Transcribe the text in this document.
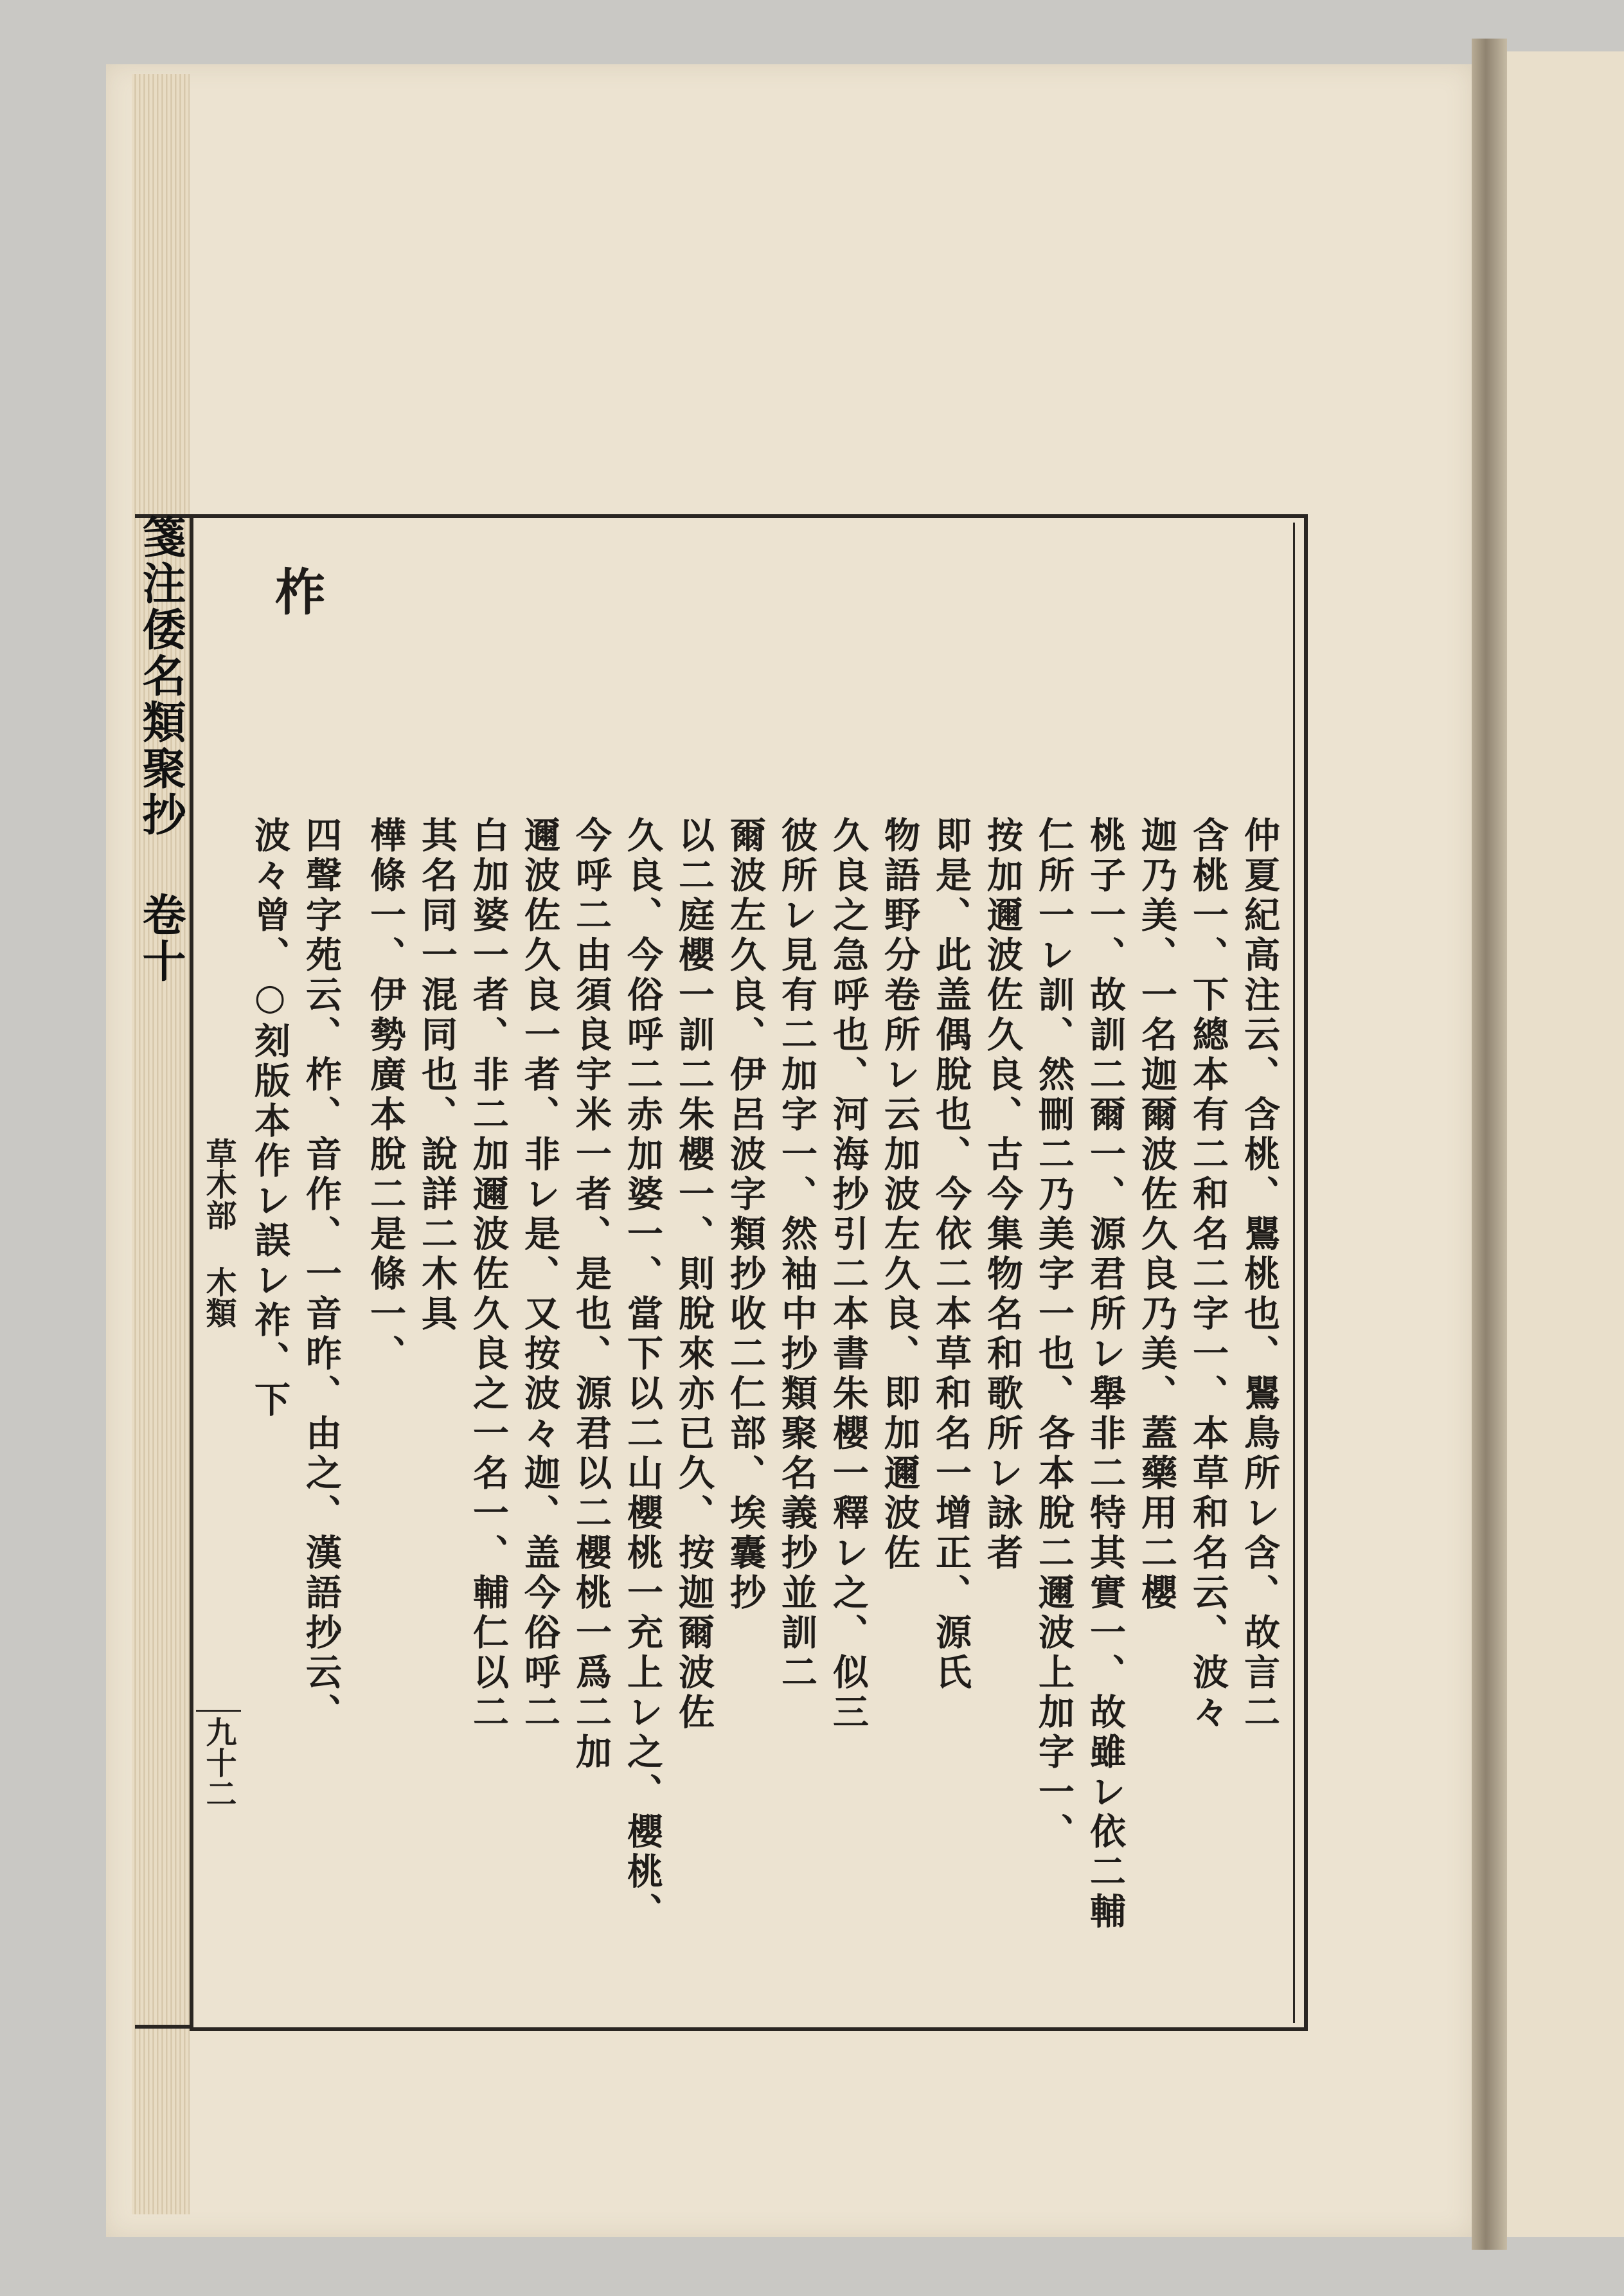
箋注倭名類聚抄 卷十
草木部 木類
九十二
柞
仲夏紀高注云、含桃、鸎桃也、鸎鳥所レ含、故言二
含桃一、下總本有二和名二字一、本草和名云、波々
迦乃美、一名迦爾波佐久良乃美、蓋藥用二櫻
桃子一、故訓二爾一、源君所レ舉非二特其實一、故雖レ依二輔
仁所一レ訓、然刪二乃美字一也、各本脫二邇波上加字一、
按加邇波佐久良、古今集物名和歌所レ詠者
即是、此盖偶脫也、今依二本草和名一增正、源氏
物語野分卷所レ云加波左久良、即加邇波佐
久良之急呼也、河海抄引二本書朱櫻一釋レ之、似三
彼所レ見有二加字一、然袖中抄類聚名義抄並訓二
爾波左久良、伊呂波字類抄收二仁部、埃囊抄
以二庭櫻一訓二朱櫻一、則脫來亦已久、按迦爾波佐
久良、今俗呼二赤加婆一、當下以二山櫻桃一充上レ之、櫻桃、
今呼二由須良宇米一者、是也、源君以二櫻桃一爲二加
邇波佐久良一者、非レ是、又按波々迦、盖今俗呼二
白加婆一者、非二加邇波佐久良之一名一、輔仁以二
其名同一混同也、說詳二木具
樺條一、伊勢廣本脫二是條一、
四聲字苑云、柞、音作、一音昨、由之、漢語抄云、
波々曾、○刻版本作レ誤レ祚、下
